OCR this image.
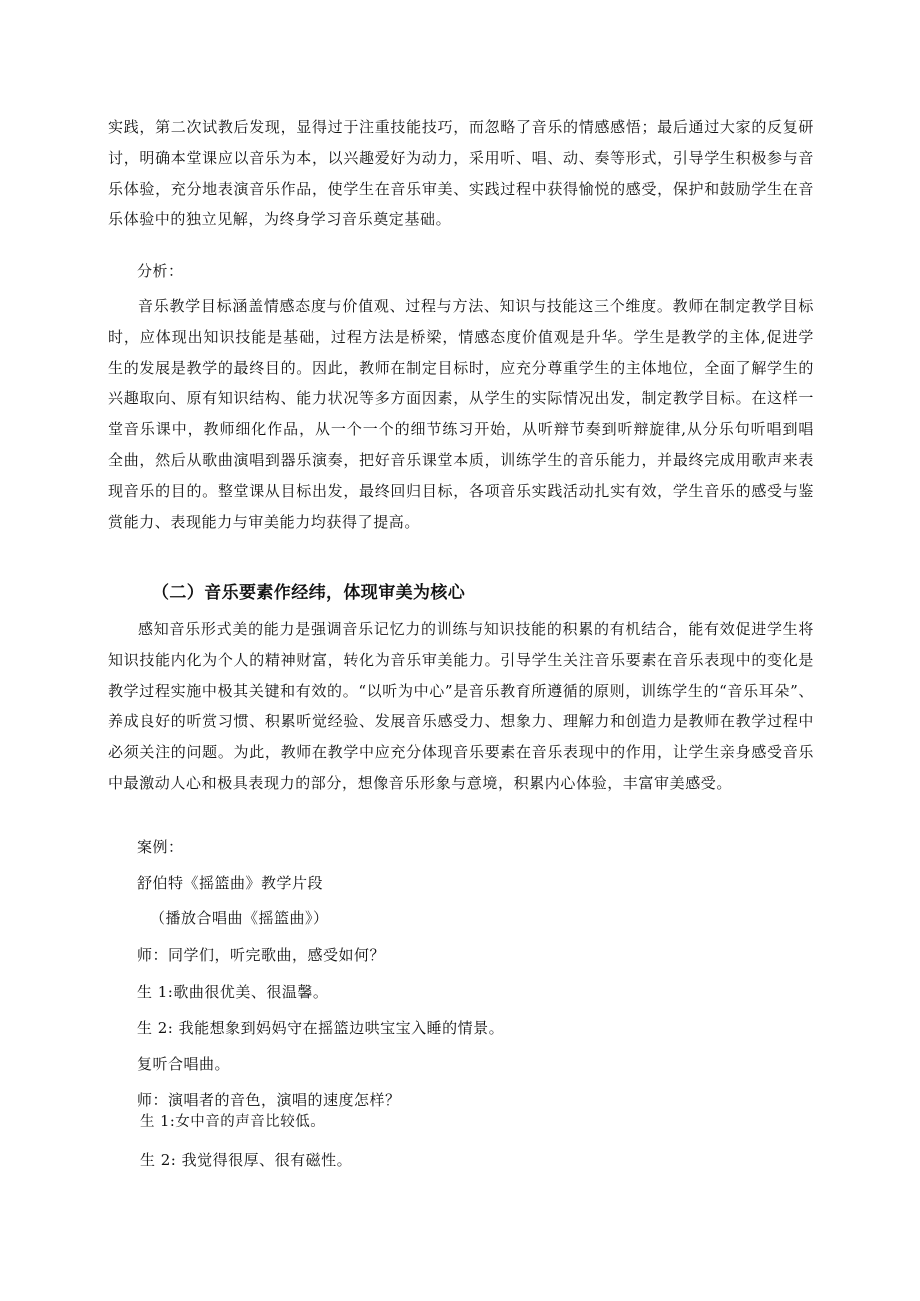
实践，第二次试教后发现，显得过于注重技能技巧，而忽略了音乐的情感感悟；最后通过大家的反复研讨，明确本堂课应以音乐为本，以兴趣爱好为动力，采用听、唱、动、奏等形式，引导学生积极参与音乐体验，充分地表演音乐作品，使学生在音乐审美、实践过程中获得愉悦的感受，保护和鼓励学生在音乐体验中的独立见解，为终身学习音乐奠定基础。

分析：

音乐教学目标涵盖情感态度与价值观、过程与方法、知识与技能这三个维度。教师在制定教学目标时，应体现出知识技能是基础，过程方法是桥梁，情感态度价值观是升华。学生是教学的主体,促进学生的发展是教学的最终目的。因此，教师在制定目标时，应充分尊重学生的主体地位，全面了解学生的兴趣取向、原有知识结构、能力状况等多方面因素，从学生的实际情况出发，制定教学目标。在这样一堂音乐课中，教师细化作品，从一个一个的细节练习开始，从听辩节奏到听辩旋律,从分乐句听唱到唱全曲，然后从歌曲演唱到器乐演奏，把好音乐课堂本质，训练学生的音乐能力，并最终完成用歌声来表现音乐的目的。整堂课从目标出发，最终回归目标，各项音乐实践活动扎实有效，学生音乐的感受与鉴赏能力、表现能力与审美能力均获得了提高。

（二）音乐要素作经纬，体现审美为核心

感知音乐形式美的能力是强调音乐记忆力的训练与知识技能的积累的有机结合，能有效促进学生将知识技能内化为个人的精神财富，转化为音乐审美能力。引导学生关注音乐要素在音乐表现中的变化是教学过程实施中极其关键和有效的。“以听为中心”是音乐教育所遵循的原则，训练学生的“音乐耳朵”、养成良好的听赏习惯、积累听觉经验、发展音乐感受力、想象力、理解力和创造力是教师在教学过程中必须关注的问题。为此，教师在教学中应充分体现音乐要素在音乐表现中的作用，让学生亲身感受音乐中最激动人心和极具表现力的部分，想像音乐形象与意境，积累内心体验，丰富审美感受。

案例：

舒伯特《摇篮曲》教学片段

（播放合唱曲《摇篮曲》）

师：同学们，听完歌曲，感受如何？

生 1:歌曲很优美、很温馨。

生 2: 我能想象到妈妈守在摇篮边哄宝宝入睡的情景。

复听合唱曲。

师：演唱者的音色，演唱的速度怎样？

生 1:女中音的声音比较低。

生 2: 我觉得很厚、很有磁性。
